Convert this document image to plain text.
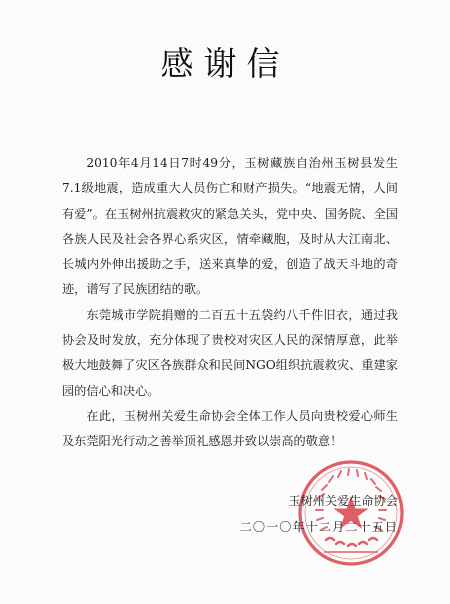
感谢信

2010年4月14日7时49分，玉树藏族自治州玉树县发生7.1级地震，造成重大人员伤亡和财产损失。“地震无情，人间有爱”。在玉树州抗震救灾的紧急关头，党中央、国务院、全国各族人民及社会各界心系灾区，情牵藏胞，及时从大江南北、长城内外伸出援助之手，送来真挚的爱，创造了战天斗地的奇迹，谱写了民族团结的歌。

东莞城市学院捐赠的二百五十五袋约八千件旧衣，通过我协会及时发放，充分体现了贵校对灾区人民的深情厚意，此举极大地鼓舞了灾区各族群众和民间NGO组织抗震救灾、重建家园的信心和决心。

在此，玉树州关爱生命协会全体工作人员向贵校爱心师生及东莞阳光行动之善举顶礼感恩并致以崇高的敬意！

玉树州关爱生命协会
二〇一〇年十二月二十五日
